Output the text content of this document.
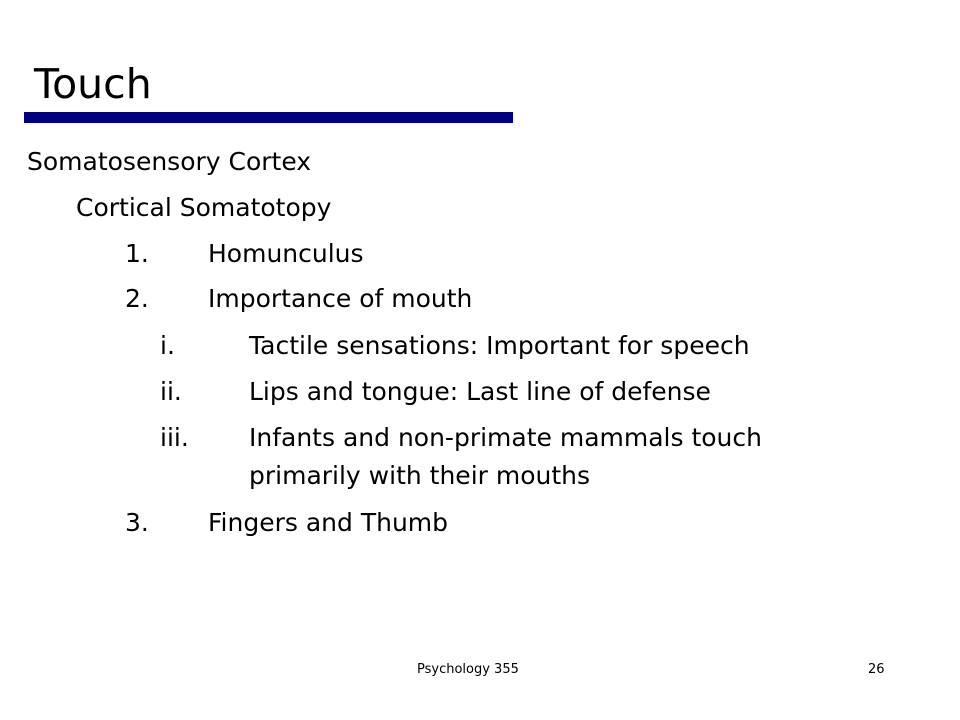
Touch
Somatosensory Cortex
Cortical Somatotopy
1. Homunculus
2. Importance of mouth
i.	Tactile sensations: Important for speech
ii.	Lips and tongue: Last line of defense
iii. Infants and non-primate mammals touch
primarily with their mouths
3. Fingers and Thumb
Psychology 355	26
